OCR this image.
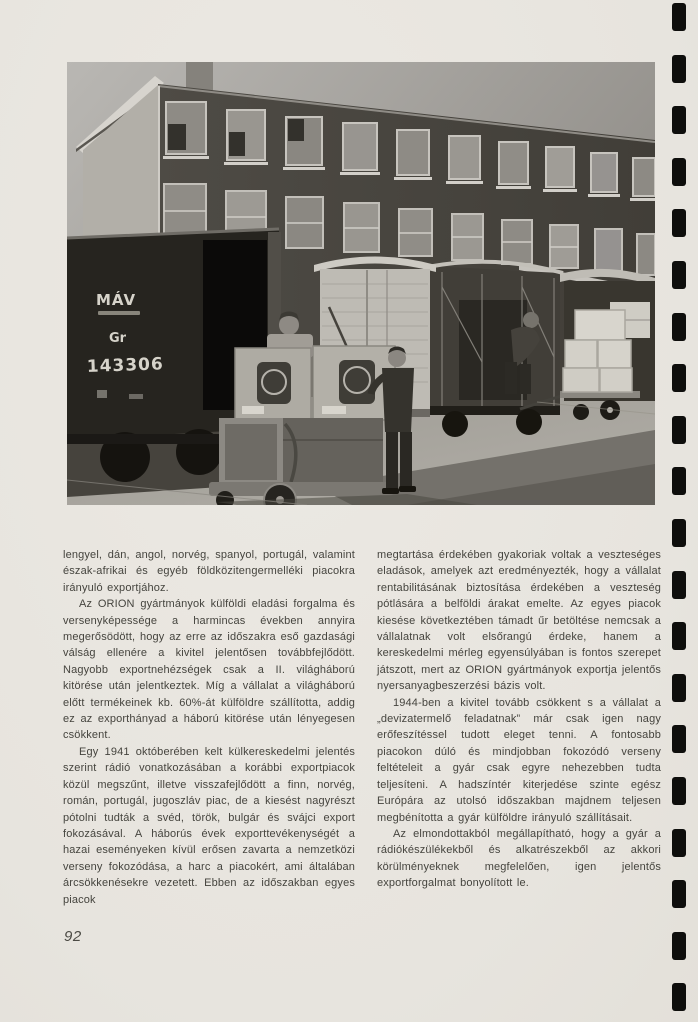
MÁV
Gr
143306

lengyel, dán, angol, norvég, spanyol, portugál, valamint észak-afrikai és egyéb földközitengermelléki piacokra irányuló exportjához.

Az ORION gyártmányok külföldi eladási forgalma és versenyképessége a harmincas években annyira megerősödött, hogy az erre az időszakra eső gazdasági válság ellenére a kivitel jelentősen továbbfejlődött. Nagyobb exportnehézségek csak a II. világháború kitörése után jelentkeztek. Míg a vállalat a világháború előtt termékeinek kb. 60%-át külföldre szállította, addig ez az exporthányad a háború kitörése után lényegesen csökkent.

Egy 1941 októberében kelt külkereskedelmi jelentés szerint rádió vonatkozásában a korábbi exportpiacok közül megszűnt, illetve visszafejlődött a finn, norvég, román, portugál, jugoszláv piac, de a kiesést nagyrészt pótolni tudták a svéd, török, bulgár és svájci export fokozásával. A háborús évek exporttevékenységét a hazai eseményeken kívül erősen zavarta a nemzetközi verseny fokozódása, a harc a piacokért, ami általában árcsökkenésekre vezetett. Ebben az időszakban egyes piacok

megtartása érdekében gyakoriak voltak a veszteséges eladások, amelyek azt eredményezték, hogy a vállalat rentabilitásának biztosítása érdekében a veszteség pótlására a belföldi árakat emelte. Az egyes piacok kiesése következtében támadt űr betöltése nemcsak a vállalatnak volt elsőrangú érdeke, hanem a kereskedelmi mérleg egyensúlyában is fontos szerepet játszott, mert az ORION gyártmányok exportja jelentős nyersanyagbeszerzési bázis volt.

1944-ben a kivitel tovább csökkent s a vállalat a „devizatermelő feladatnak” már csak igen nagy erőfeszítéssel tudott eleget tenni. A fontosabb piacokon dúló és mindjobban fokozódó verseny feltételeit a gyár csak egyre nehezebben tudta teljesíteni. A hadszíntér kiterjedése szinte egész Európára az utolsó időszakban majdnem teljesen megbénította a gyár külföldre irányuló szállításait.

Az elmondottakból megállapítható, hogy a gyár a rádiókészülékekből és alkatrészekből az akkori körülményeknek megfelelően, igen jelentős exportforgalmat bonyolított le.

92
